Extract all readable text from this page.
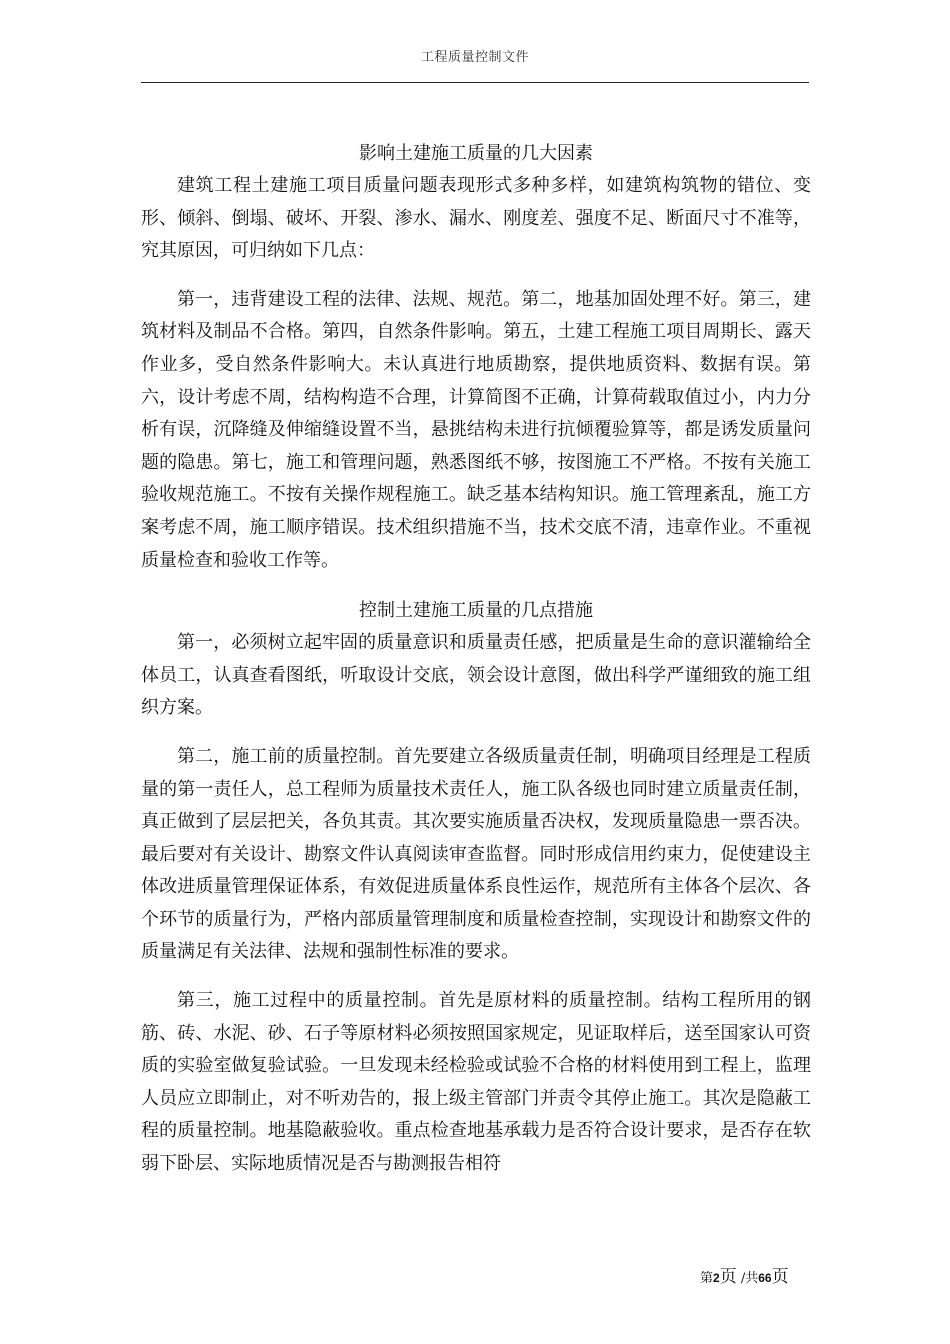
工程质量控制文件

影响土建施工质量的几大因素

建筑工程土建施工项目质量问题表现形式多种多样，如建筑构筑物的错位、变形、倾斜、倒塌、破坏、开裂、渗水、漏水、刚度差、强度不足、断面尺寸不准等，究其原因，可归纳如下几点：

第一，违背建设工程的法律、法规、规范。第二，地基加固处理不好。第三，建筑材料及制品不合格。第四，自然条件影响。第五，土建工程施工项目周期长、露天作业多，受自然条件影响大。未认真进行地质勘察，提供地质资料、数据有误。第六，设计考虑不周，结构构造不合理，计算简图不正确，计算荷载取值过小，内力分析有误，沉降缝及伸缩缝设置不当，悬挑结构未进行抗倾覆验算等，都是诱发质量问题的隐患。第七，施工和管理问题，熟悉图纸不够，按图施工不严格。不按有关施工验收规范施工。不按有关操作规程施工。缺乏基本结构知识。施工管理紊乱，施工方案考虑不周，施工顺序错误。技术组织措施不当，技术交底不清，违章作业。不重视质量检查和验收工作等。

控制土建施工质量的几点措施

第一，必须树立起牢固的质量意识和质量责任感，把质量是生命的意识灌输给全体员工，认真查看图纸，听取设计交底，领会设计意图，做出科学严谨细致的施工组织方案。

第二，施工前的质量控制。首先要建立各级质量责任制，明确项目经理是工程质量的第一责任人，总工程师为质量技术责任人，施工队各级也同时建立质量责任制，真正做到了层层把关，各负其责。其次要实施质量否决权，发现质量隐患一票否决。最后要对有关设计、勘察文件认真阅读审查监督。同时形成信用约束力，促使建设主体改进质量管理保证体系，有效促进质量体系良性运作，规范所有主体各个层次、各个环节的质量行为，严格内部质量管理制度和质量检查控制，实现设计和勘察文件的质量满足有关法律、法规和强制性标准的要求。

第三，施工过程中的质量控制。首先是原材料的质量控制。结构工程所用的钢筋、砖、水泥、砂、石子等原材料必须按照国家规定，见证取样后，送至国家认可资质的实验室做复验试验。一旦发现未经检验或试验不合格的材料使用到工程上，监理人员应立即制止，对不听劝告的，报上级主管部门并责令其停止施工。其次是隐蔽工程的质量控制。地基隐蔽验收。重点检查地基承载力是否符合设计要求，是否存在软弱下卧层、实际地质情况是否与勘测报告相符

第2页 /共66页
